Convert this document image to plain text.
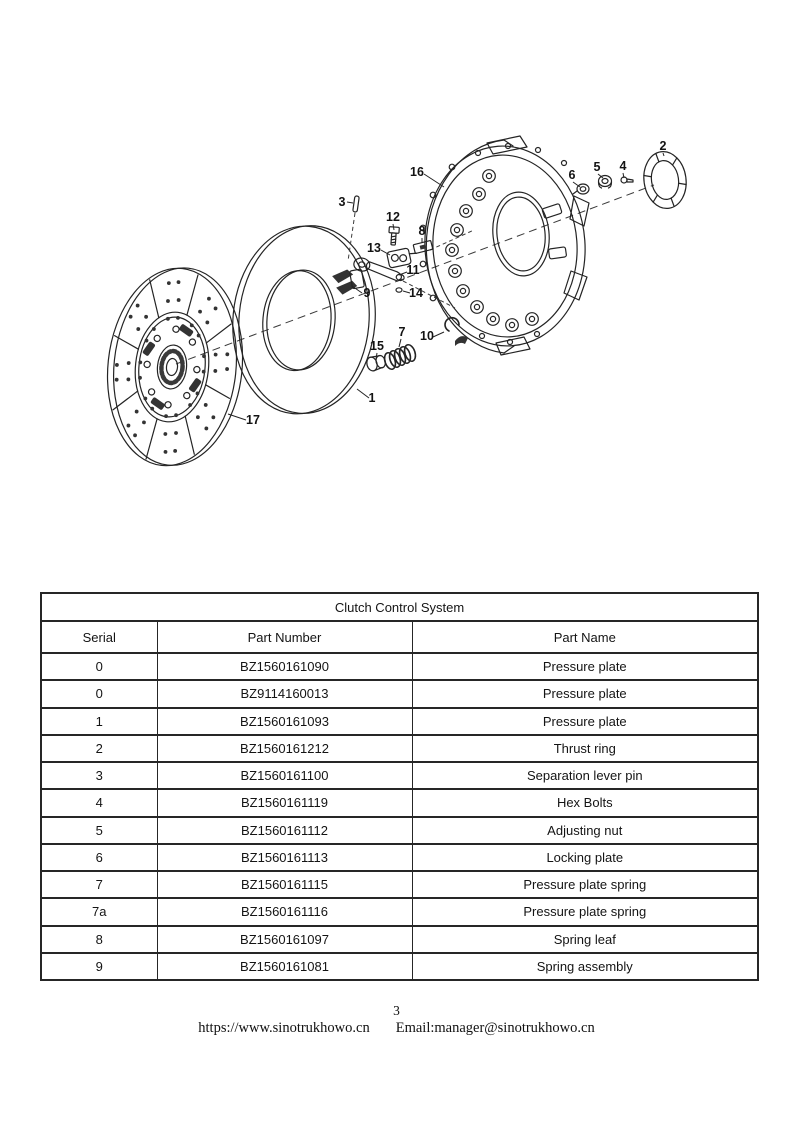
16
3
12
8
13
11
9	14
6
5 4
2
15
7 10
1
17
Clutch Control System		
Serial	Part Number	Part Name
0	BZ1560161090	Pressure plate
0	BZ9114160013	Pressure plate
1	BZ1560161093	Pressure plate
2	BZ1560161212	Thrust ring
3	BZ1560161100	Separation lever pin
4	BZ1560161119	Hex Bolts
5	BZ1560161112	Adjusting nut
6	BZ1560161113	Locking plate
7	BZ1560161115	Pressure plate spring
7a	BZ1560161116	Pressure plate spring
8	BZ1560161097	Spring leaf
9	BZ1560161081	Spring assembly
3
https://www.sinotrukhowo.cn Email:manager@sinotrukhowo.cn
